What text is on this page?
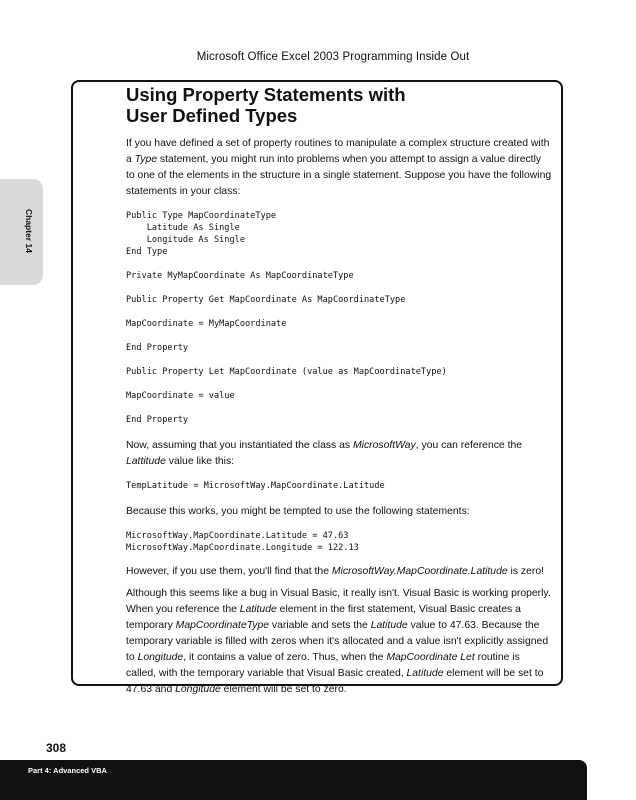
Microsoft Office Excel 2003 Programming Inside Out
Chapter 14
Using Property Statements with
User Defined Types

If you have defined a set of property routines to manipulate a complex structure created with a Type statement, you might run into problems when you attempt to assign a value directly to one of the elements in the structure in a single statement. Suppose you have the following statements in your class:

Public Type MapCoordinateType
Latitude As Single
Longitude As Single
End Type
Private MyMapCoordinate As MapCoordinateType
Public Property Get MapCoordinate As MapCoordinateType
MapCoordinate = MyMapCoordinate
End Property
Public Property Let MapCoordinate (value as MapCoordinateType)
MapCoordinate = value
End Property

Now, assuming that you instantiated the class as MicrosoftWay, you can reference the Lattitude value like this:

TempLatitude = MicrosoftWay.MapCoordinate.Latitude

Because this works, you might be tempted to use the following statements:

MicrosoftWay.MapCoordinate.Latitude = 47.63
MicrosoftWay.MapCoordinate.Longitude = 122.13

However, if you use them, you'll find that the MicrosoftWay.MapCoordinate.Latitude is zero!

Although this seems like a bug in Visual Basic, it really isn't. Visual Basic is working properly. When you reference the Latitude element in the first statement, Visual Basic creates a temporary MapCoordinateType variable and sets the Latitude value to 47.63. Because the temporary variable is filled with zeros when it's allocated and a value isn't explicitly assigned to Longitude, it contains a value of zero. Thus, when the MapCoordinate Let routine is called, with the temporary variable that Visual Basic created, Latitude element will be set to 47.63 and Longitude element will be set to zero.

308
Part 4: Advanced VBA
